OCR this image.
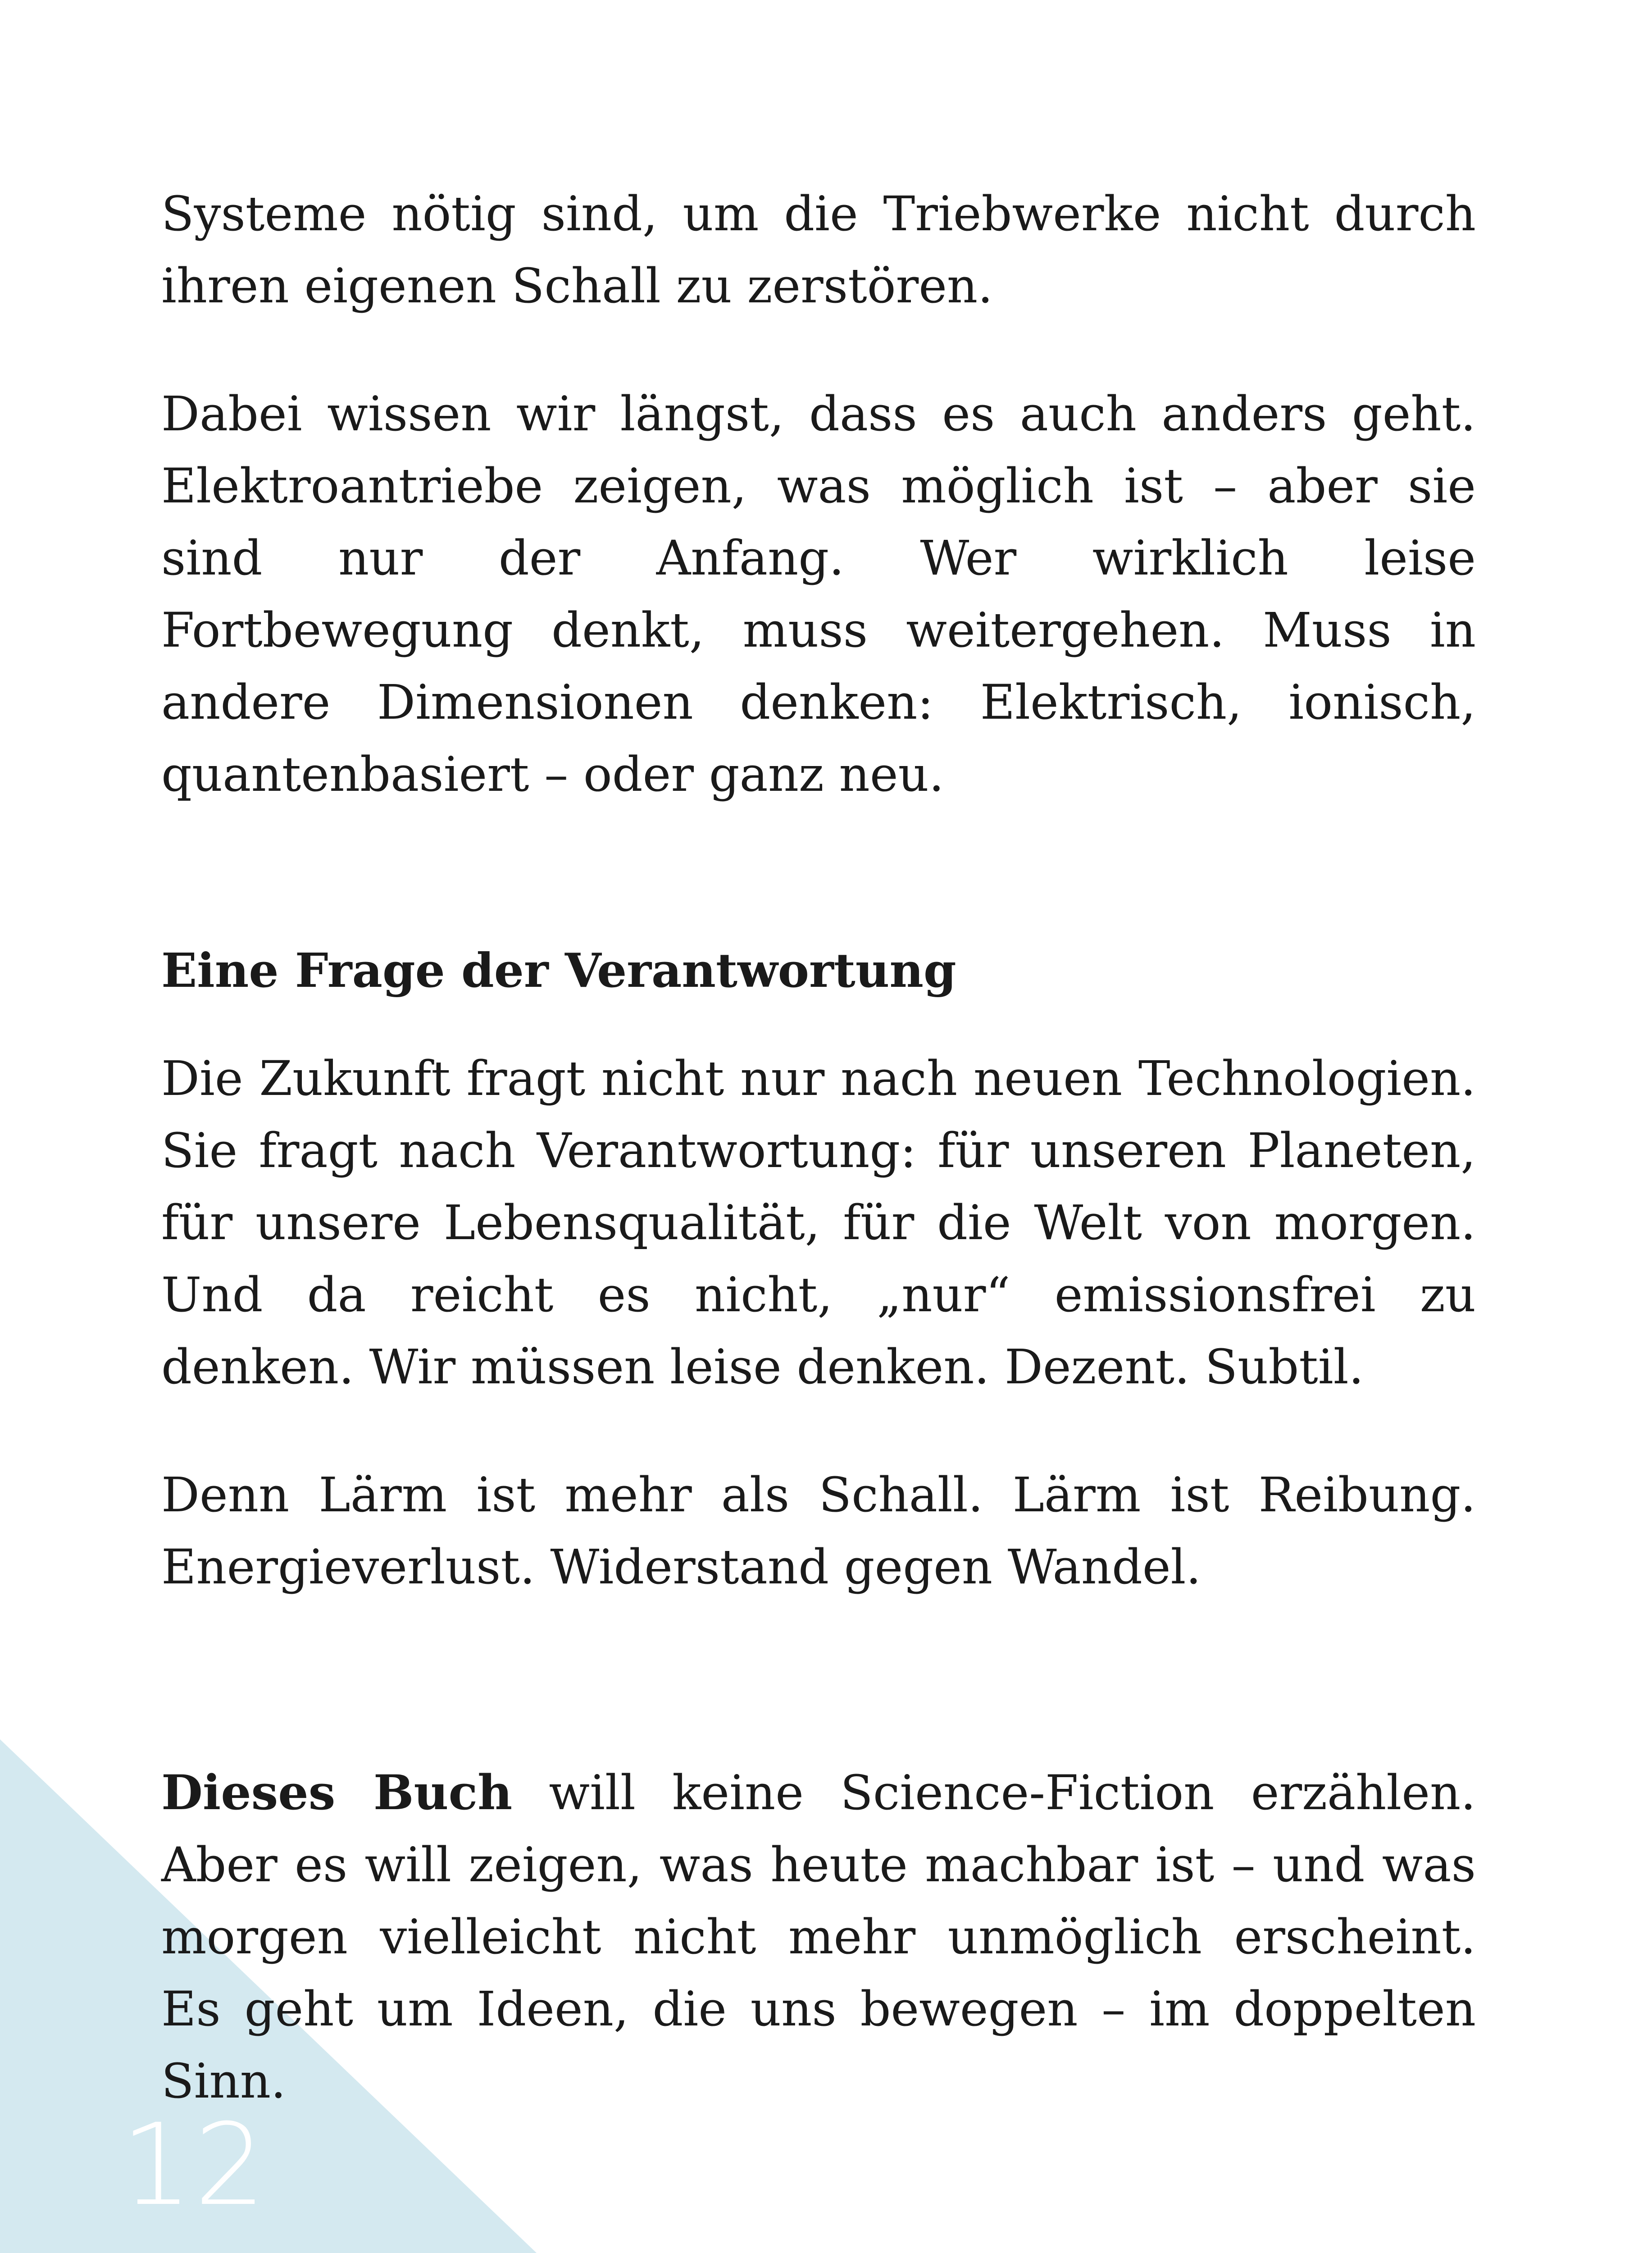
Systeme nötig sind, um die Triebwerke nicht durch ihren eigenen Schall zu zerstören.

Dabei wissen wir längst, dass es auch anders geht. Elektroantriebe zeigen, was möglich ist – aber sie sind nur der Anfang. Wer wirklich leise Fortbewegung denkt, muss weitergehen. Muss in andere Dimensionen denken: Elektrisch, ionisch, quantenbasiert – oder ganz neu.

Eine Frage der Verantwortung

Die Zukunft fragt nicht nur nach neuen Technologien. Sie fragt nach Verantwortung: für unseren Planeten, für unsere Lebensqualität, für die Welt von morgen. Und da reicht es nicht, „nur“ emissionsfrei zu denken. Wir müssen leise denken. Dezent. Subtil.

Denn Lärm ist mehr als Schall. Lärm ist Reibung. Energieverlust. Widerstand gegen Wandel.

Dieses Buch will keine Science-Fiction erzählen. Aber es will zeigen, was heute machbar ist – und was morgen vielleicht nicht mehr unmöglich erscheint.
Es geht um Ideen, die uns bewegen – im doppelten Sinn.

12
